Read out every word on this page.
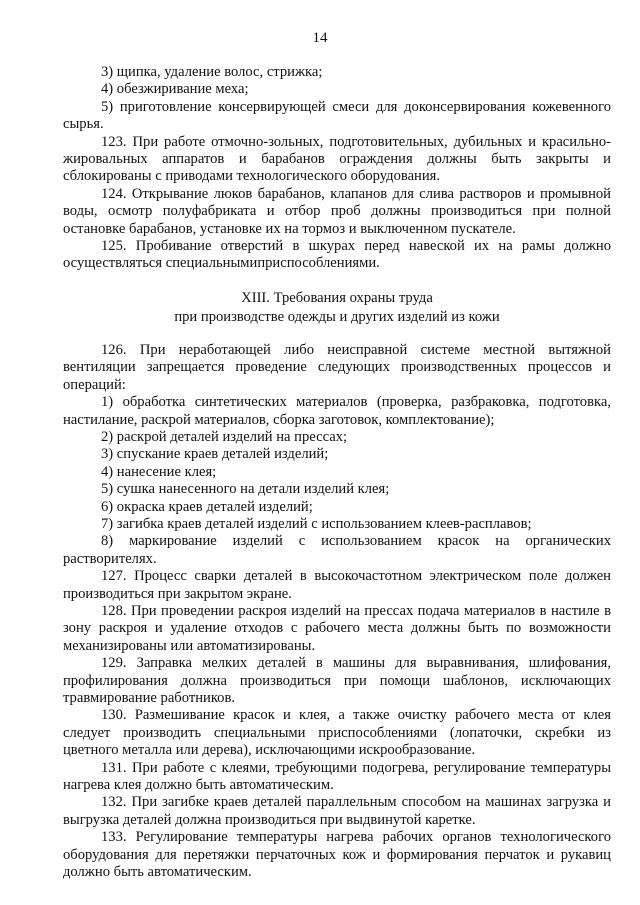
14

3) щипка, удаление волос, стрижка;

4) обезжиривание меха;

5) приготовление консервирующей смеси для доконсервирования кожевенного сырья.

123. При работе отмочно-зольных, подготовительных, дубильных и красильно-жировальных аппаратов и барабанов ограждения должны быть закрыты и сблокированы с приводами технологического оборудования.

124. Открывание люков барабанов, клапанов для слива растворов и промывной воды, осмотр полуфабриката и отбор проб должны производиться при полной остановке барабанов, установке их на тормоз и выключенном пускателе.

125. Пробивание отверстий в шкурах перед навеской их на рамы должно осуществляться специальнымиприспособлениями.

XIII. Требования охраны труда
при производстве одежды и других изделий из кожи

126. При неработающей либо неисправной системе местной вытяжной вентиляции запрещается проведение следующих производственных процессов и операций:

1) обработка синтетических материалов (проверка, разбраковка, подготовка, настилание, раскрой материалов, сборка заготовок, комплектование);

2) раскрой деталей изделий на прессах;

3) спускание краев деталей изделий;

4) нанесение клея;

5) сушка нанесенного на детали изделий клея;

6) окраска краев деталей изделий;

7) загибка краев деталей изделий с использованием клеев-расплавов;

8) маркирование изделий с использованием красок на органических растворителях.

127. Процесс сварки деталей в высокочастотном электрическом поле должен производиться при закрытом экране.

128. При проведении раскроя изделий на прессах подача материалов в настиле в зону раскроя и удаление отходов с рабочего места должны быть по возможности механизированы или автоматизированы.

129. Заправка мелких деталей в машины для выравнивания, шлифования, профилирования должна производиться при помощи шаблонов, исключающих травмирование работников.

130. Размешивание красок и клея, а также очистку рабочего места от клея следует производить специальными приспособлениями (лопаточки, скребки из цветного металла или дерева), исключающими искрообразование.

131. При работе с клеями, требующими подогрева, регулирование температуры нагрева клея должно быть автоматическим.

132. При загибке краев деталей параллельным способом на машинах загрузка и выгрузка деталей должна производиться при выдвинутой каретке.

133. Регулирование температуры нагрева рабочих органов технологического оборудования для перетяжки перчаточных кож и формирования перчаток и рукавиц должно быть автоматическим.
